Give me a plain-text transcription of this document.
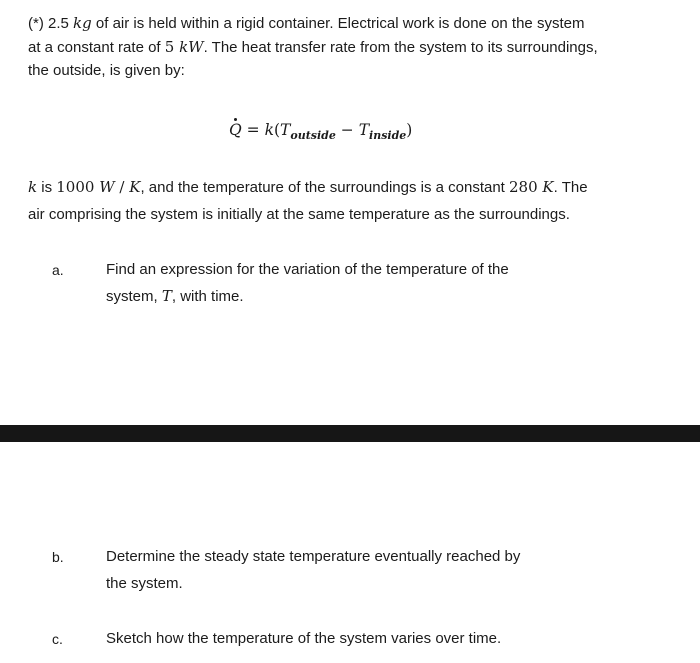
(*) 2.5 kg of air is held within a rigid container. Electrical work is done on the system
at a constant rate of 5 kW. The heat transfer rate from the system to its surroundings,
the outside, is given by:
$Q = k(T_{outside} - T_{inside})$
k is 1000 W / K, and the temperature of the surroundings is a constant 280 K. The
air comprising the system is initially at the same temperature as the surroundings.
a.	Find an expression for the variation of the temperature of the
system, T, with time.
b.	Determine the steady state temperature eventually reached by
the system.
c.	Sketch how the temperature of the system varies over time.
